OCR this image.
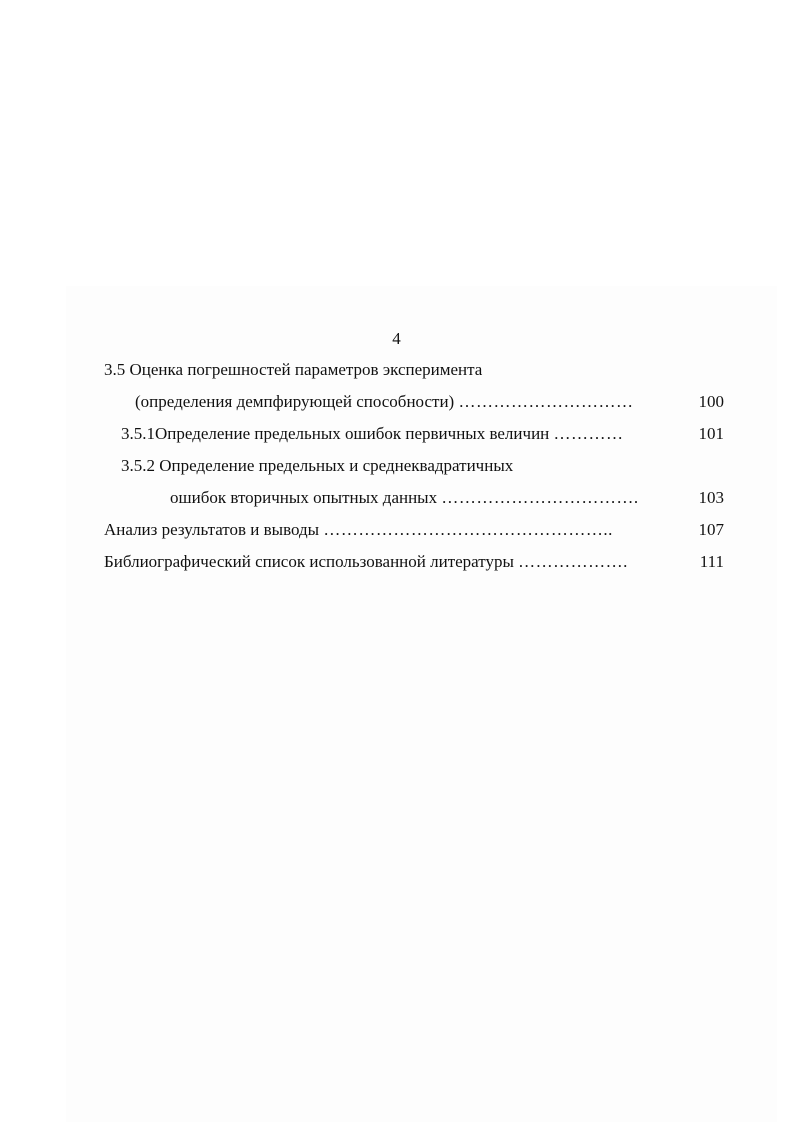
4
3.5 Оценка погрешностей параметров эксперимента
(определения демпфирующей способности) …………………………	100
3.5.1Определение предельных ошибок первичных величин …………	101
3.5.2 Определение предельных и среднеквадратичных
ошибок вторичных опытных данных …………………………….	103
Анализ результатов и выводы …………………………………………..	107
Библиографический список использованной литературы ……………….	111
